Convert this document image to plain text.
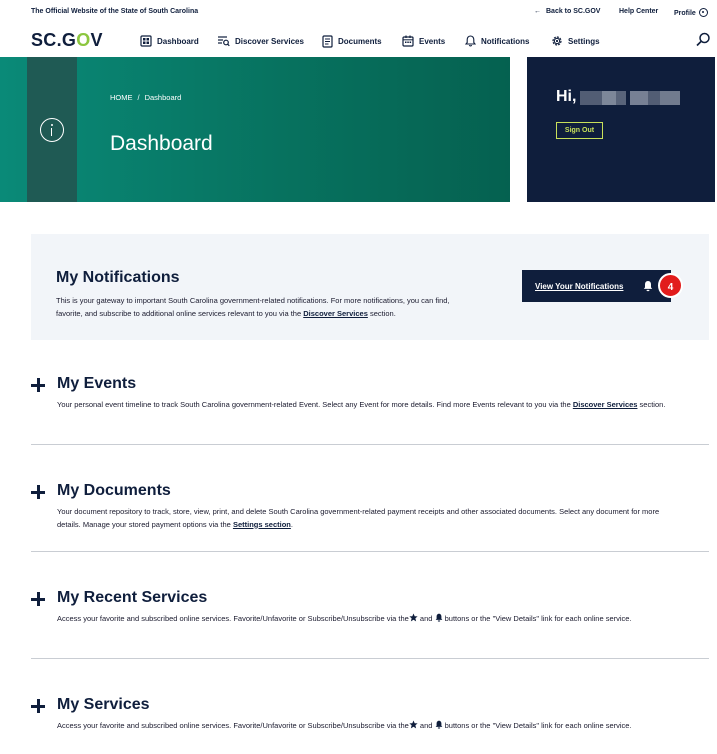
The Official Website of the State of South Carolina	← Back to SC.GOV	Help Center Profile
SC.GOV	Dashboard	Discover Services	Documents	Events	Notifications	Settings
HOME / Dashboard
Dashboard
Hi,
Sign Out
My Notifications

This is your gateway to important South Carolina government-related notifications. For more notifications, you can find, favorite, and subscribe to additional online services relevant to you via the Discover Services section.

View Your Notifications	4
My Events

Your personal event timeline to track South Carolina government-related Event. Select any Event for more details. Find more Events relevant to you via the Discover Services section.

My Documents

Your document repository to track, store, view, print, and delete South Carolina government-related payment receipts and other associated documents. Select any document for more details. Manage your stored payment options via the Settings section.

My Recent Services

Access your favorite and subscribed online services. Favorite/Unfavorite or Subscribe/Unsubscribe via the and  buttons or the "View Details" link for each online service.

My Services

Access your favorite and subscribed online services. Favorite/Unfavorite or Subscribe/Unsubscribe via the and  buttons or the "View Details" link for each online service.
